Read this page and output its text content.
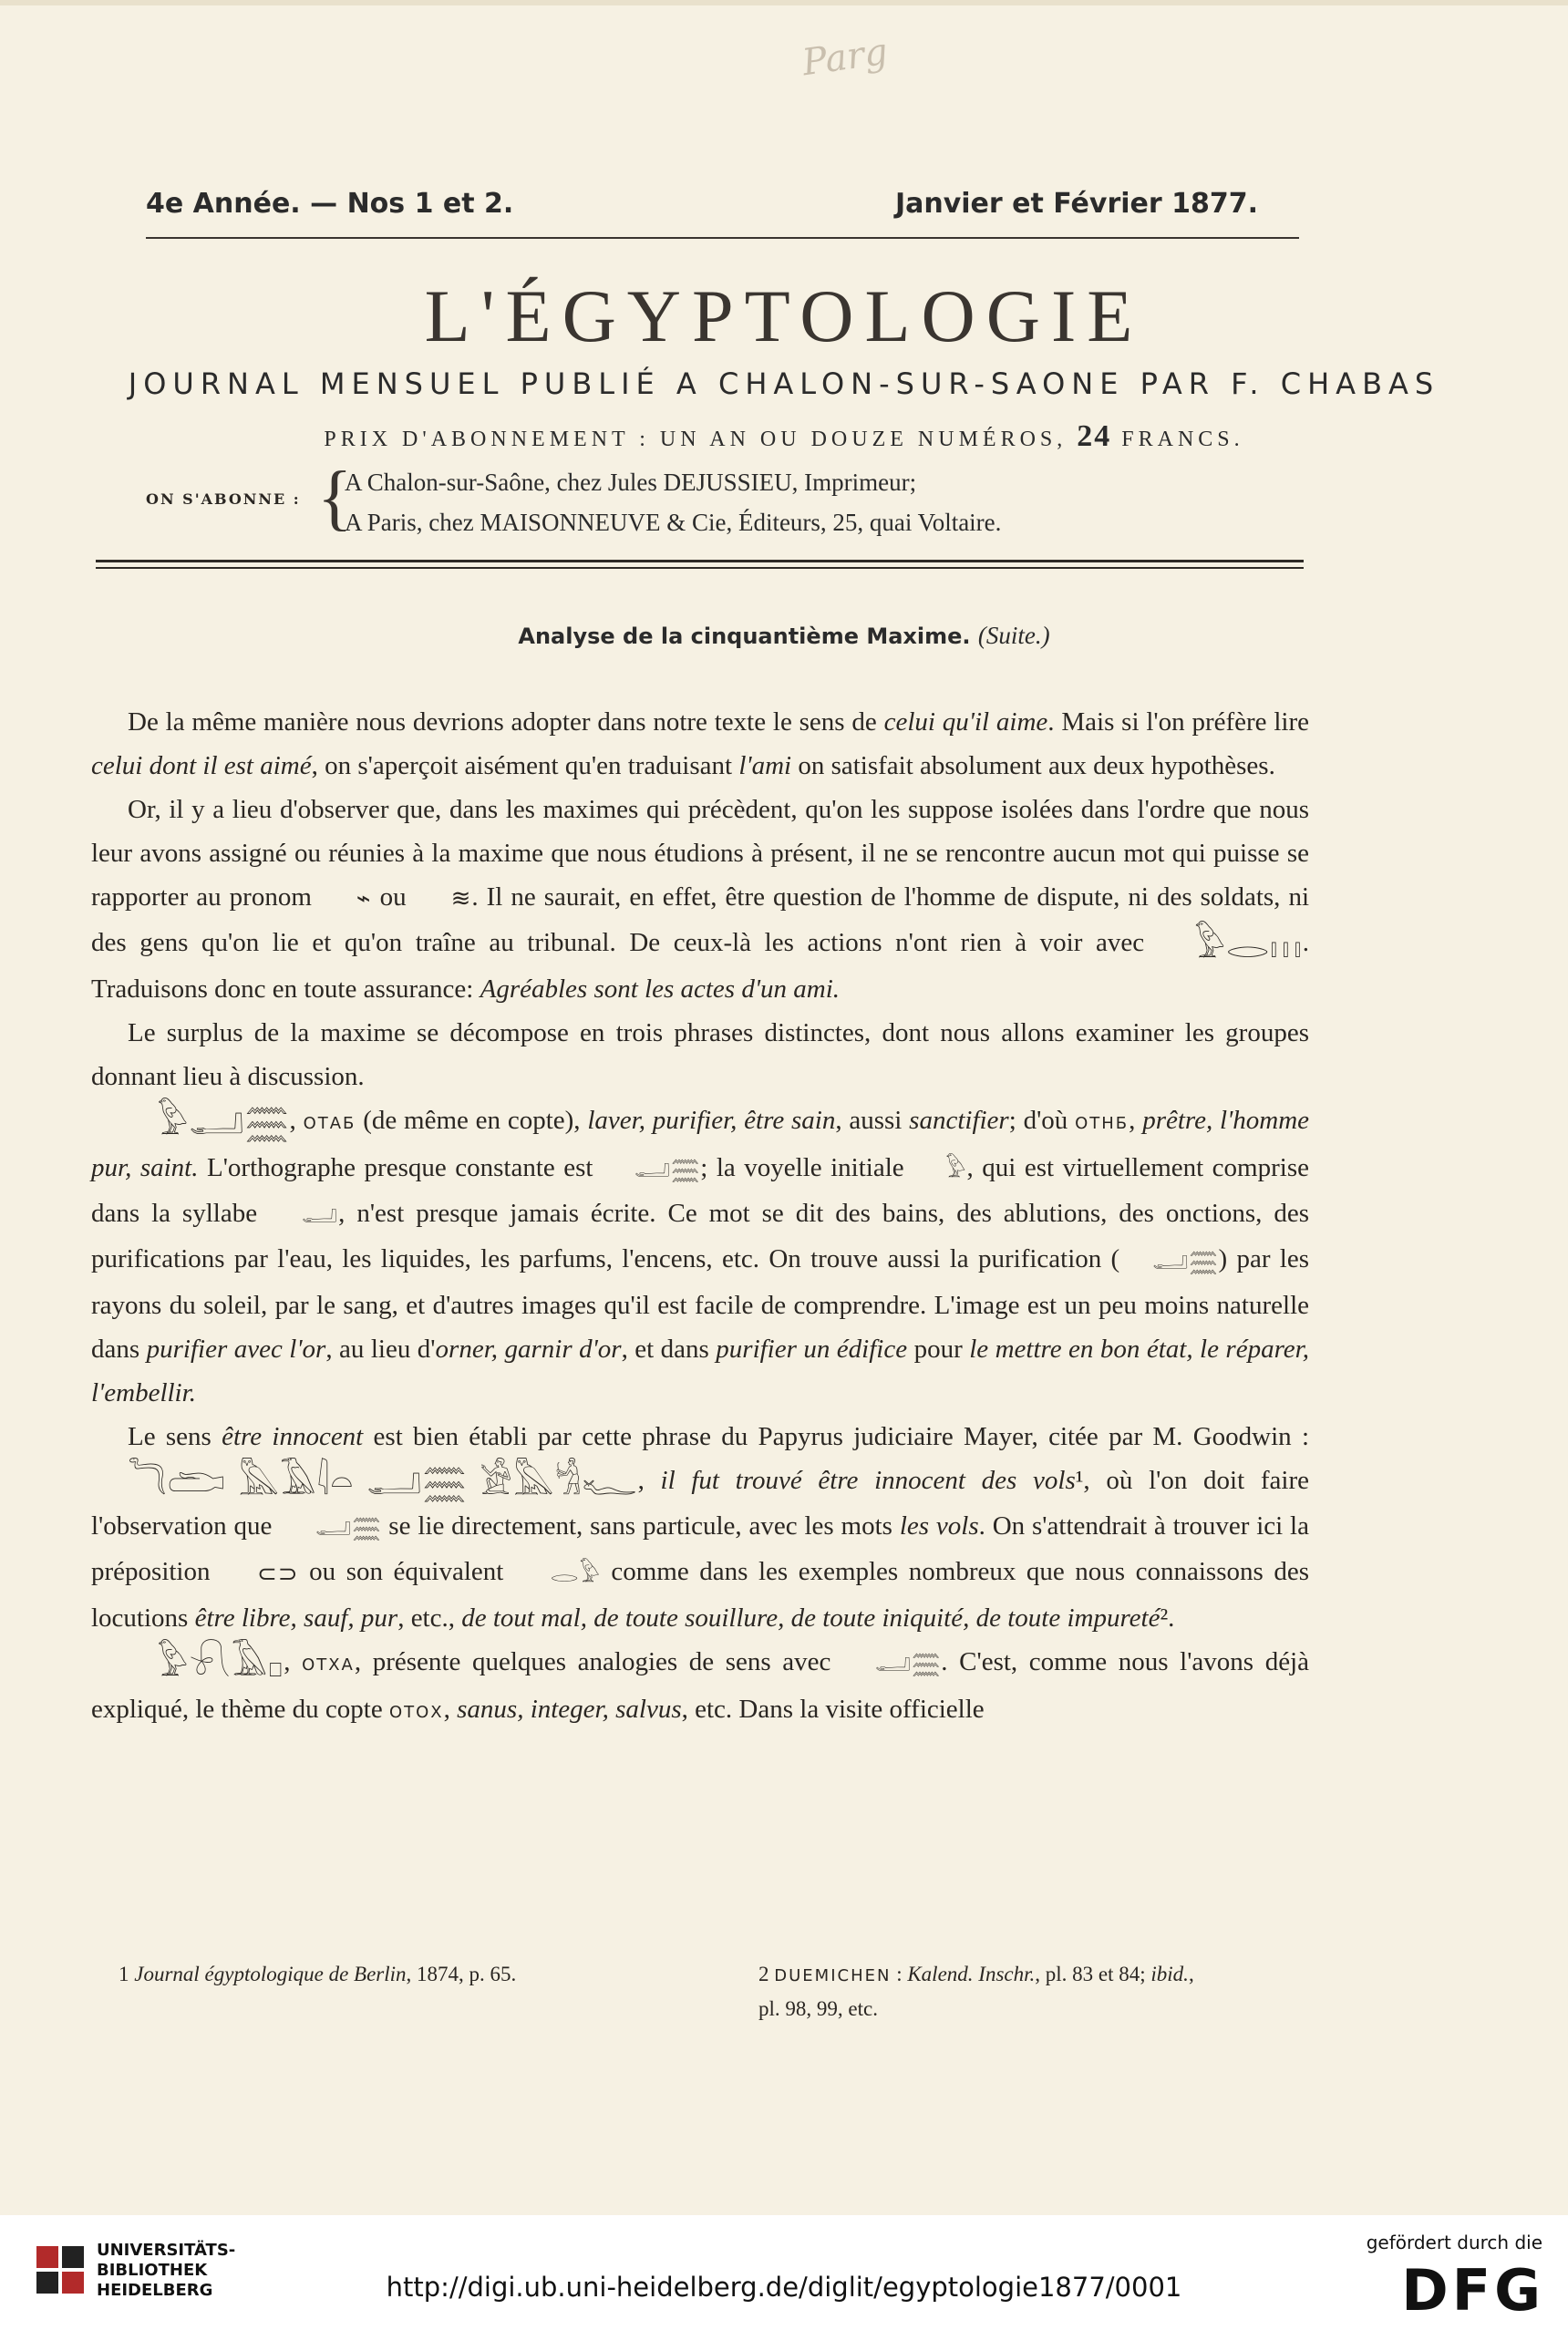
Parg
4e Année. — Nos 1 et 2.	Janvier et Février 1877.
L'ÉGYPTOLOGIE
JOURNAL MENSUEL PUBLIÉ A CHALON-SUR-SAONE PAR F. CHABAS
PRIX D'ABONNEMENT : UN AN OU DOUZE NUMÉROS, 24 FRANCS.
ON S'ABONNE : {
A Chalon-sur-Saône, chez Jules DEJUSSIEU, Imprimeur;
A Paris, chez MAISONNEUVE & Cie, Éditeurs, 25, quai Voltaire.
Analyse de la cinquantième Maxime. (Suite.)

De la même manière nous devrions adopter dans notre texte le sens de celui qu'il aime. Mais si l'on préfère lire celui dont il est aimé, on s'aperçoit aisément qu'en traduisant l'ami on satisfait absolument aux deux hypothèses.

Or, il y a lieu d'observer que, dans les maximes qui précèdent, qu'on les suppose isolées dans l'ordre que nous leur avons assigné ou réunies à la maxime que nous étudions à présent, il ne se rencontre aucun mot qui puisse se rapporter au pronom ⌁ ou ≋. Il ne saurait, en effet, être question de l'homme de dispute, ni des soldats, ni des gens qu'on lie et qu'on traîne au tribunal. De ceux-là les actions n'ont rien à voir avec 𓅱𓂋𓏥. Traduisons donc en toute assurance: Agréables sont les actes d'un ami.

Le surplus de la maxime se décompose en trois phrases distinctes, dont nous allons examiner les groupes donnant lieu à discussion.

𓅱𓂝𓈗, ОТАБ (de même en copte), laver, purifier, être sain, aussi sanctifier; d'où ОТНБ, prêtre, l'homme pur, saint. L'orthographe presque constante est 𓂝𓈗; la voyelle initiale 𓅱, qui est virtuellement comprise dans la syllabe 𓂝, n'est presque jamais écrite. Ce mot se dit des bains, des ablutions, des onctions, des purifications par l'eau, les liquides, les parfums, l'encens, etc. On trouve aussi la purification ( 𓂝𓈗) par les rayons du soleil, par le sang, et d'autres images qu'il est facile de comprendre. L'image est un peu moins naturelle dans purifier avec l'or, au lieu d'orner, garnir d'or, et dans purifier un édifice pour le mettre en bon état, le réparer, l'embellir.

Le sens être innocent est bien établi par cette phrase du Papyrus judiciaire Mayer, citée par M. Goodwin : 𓆓𓂧 𓅓𓄿𓇋𓏏 𓂝𓈗 𓀀𓅓𓀜𓆑, il fut trouvé être innocent des vols¹, où l'on doit faire l'observation que 𓂝𓈗 se lie directement, sans particule, avec les mots les vols. On s'attendrait à trouver ici la préposition ⊂⊃ ou son équivalent 𓂋𓅱 comme dans les exemples nombreux que nous connaissons des locutions être libre, sauf, pur, etc., de tout mal, de toute souillure, de toute iniquité, de toute impureté².

𓅱𓍯𓄿𓊪, ОТХА, présente quelques analogies de sens avec 𓂝𓈗. C'est, comme nous l'avons déjà expliqué, le thème du copte ОТОХ, sanus, integer, salvus, etc. Dans la visite officielle

1 Journal égyptologique de Berlin, 1874, p. 65.	2 DUEMICHEN : Kalend. Inschr., pl. 83 et 84; ibid.,
pl. 98, 99, etc.
UNIVERSITÄTS-
BIBLIOTHEK
HEIDELBERG	http://digi.ub.uni-heidelberg.de/diglit/egyptologie1877/0001
gefördert durch die
DFG
